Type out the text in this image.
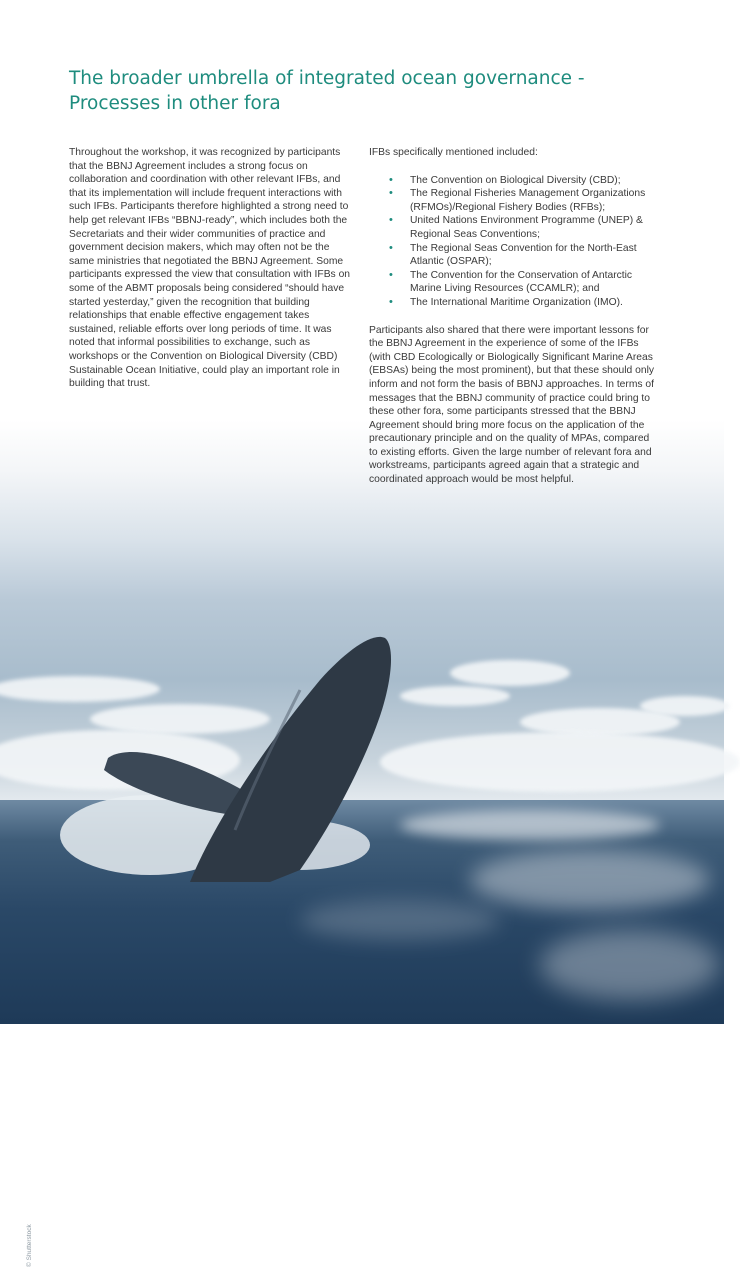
© Shutterstock
The broader umbrella of integrated ocean governance -
Processes in other fora

Throughout the workshop, it was recognized by participants that the BBNJ Agreement includes a strong focus on collaboration and coordination with other relevant IFBs, and that its implementation will include frequent interactions with such IFBs. Participants therefore highlighted a strong need to help get relevant IFBs “BBNJ-ready”, which includes both the Secretariats and their wider communities of practice and government decision makers, which may often not be the same ministries that negotiated the BBNJ Agreement. Some participants expressed the view that consultation with IFBs on some of the ABMT proposals being considered “should have started yesterday,” given the recognition that building relationships that enable effective engagement takes sustained, reliable efforts over long periods of time. It was noted that informal possibilities to exchange, such as workshops or the Convention on Biological Diversity (CBD) Sustainable Ocean Initiative, could play an important role in building that trust.

IFBs specifically mentioned included:

• The Convention on Biological Diversity (CBD);
• The Regional Fisheries Management Organizations (RFMOs)/Regional Fishery Bodies (RFBs);
• United Nations Environment Programme (UNEP) & Regional Seas Conventions;
• The Regional Seas Convention for the North-East Atlantic (OSPAR);
• The Convention for the Conservation of Antarctic Marine Living Resources (CCAMLR); and
• The International Maritime Organization (IMO).

Participants also shared that there were important lessons for the BBNJ Agreement in the experience of some of the IFBs (with CBD Ecologically or Biologically Significant Marine Areas (EBSAs) being the most prominent), but that these should only inform and not form the basis of BBNJ approaches. In terms of messages that the BBNJ community of practice could bring to these other fora, some participants stressed that the BBNJ Agreement should bring more focus on the application of the precautionary principle and on the quality of MPAs, compared to existing efforts. Given the large number of relevant fora and workstreams, participants agreed again that a strategic and coordinated approach would be most helpful.
